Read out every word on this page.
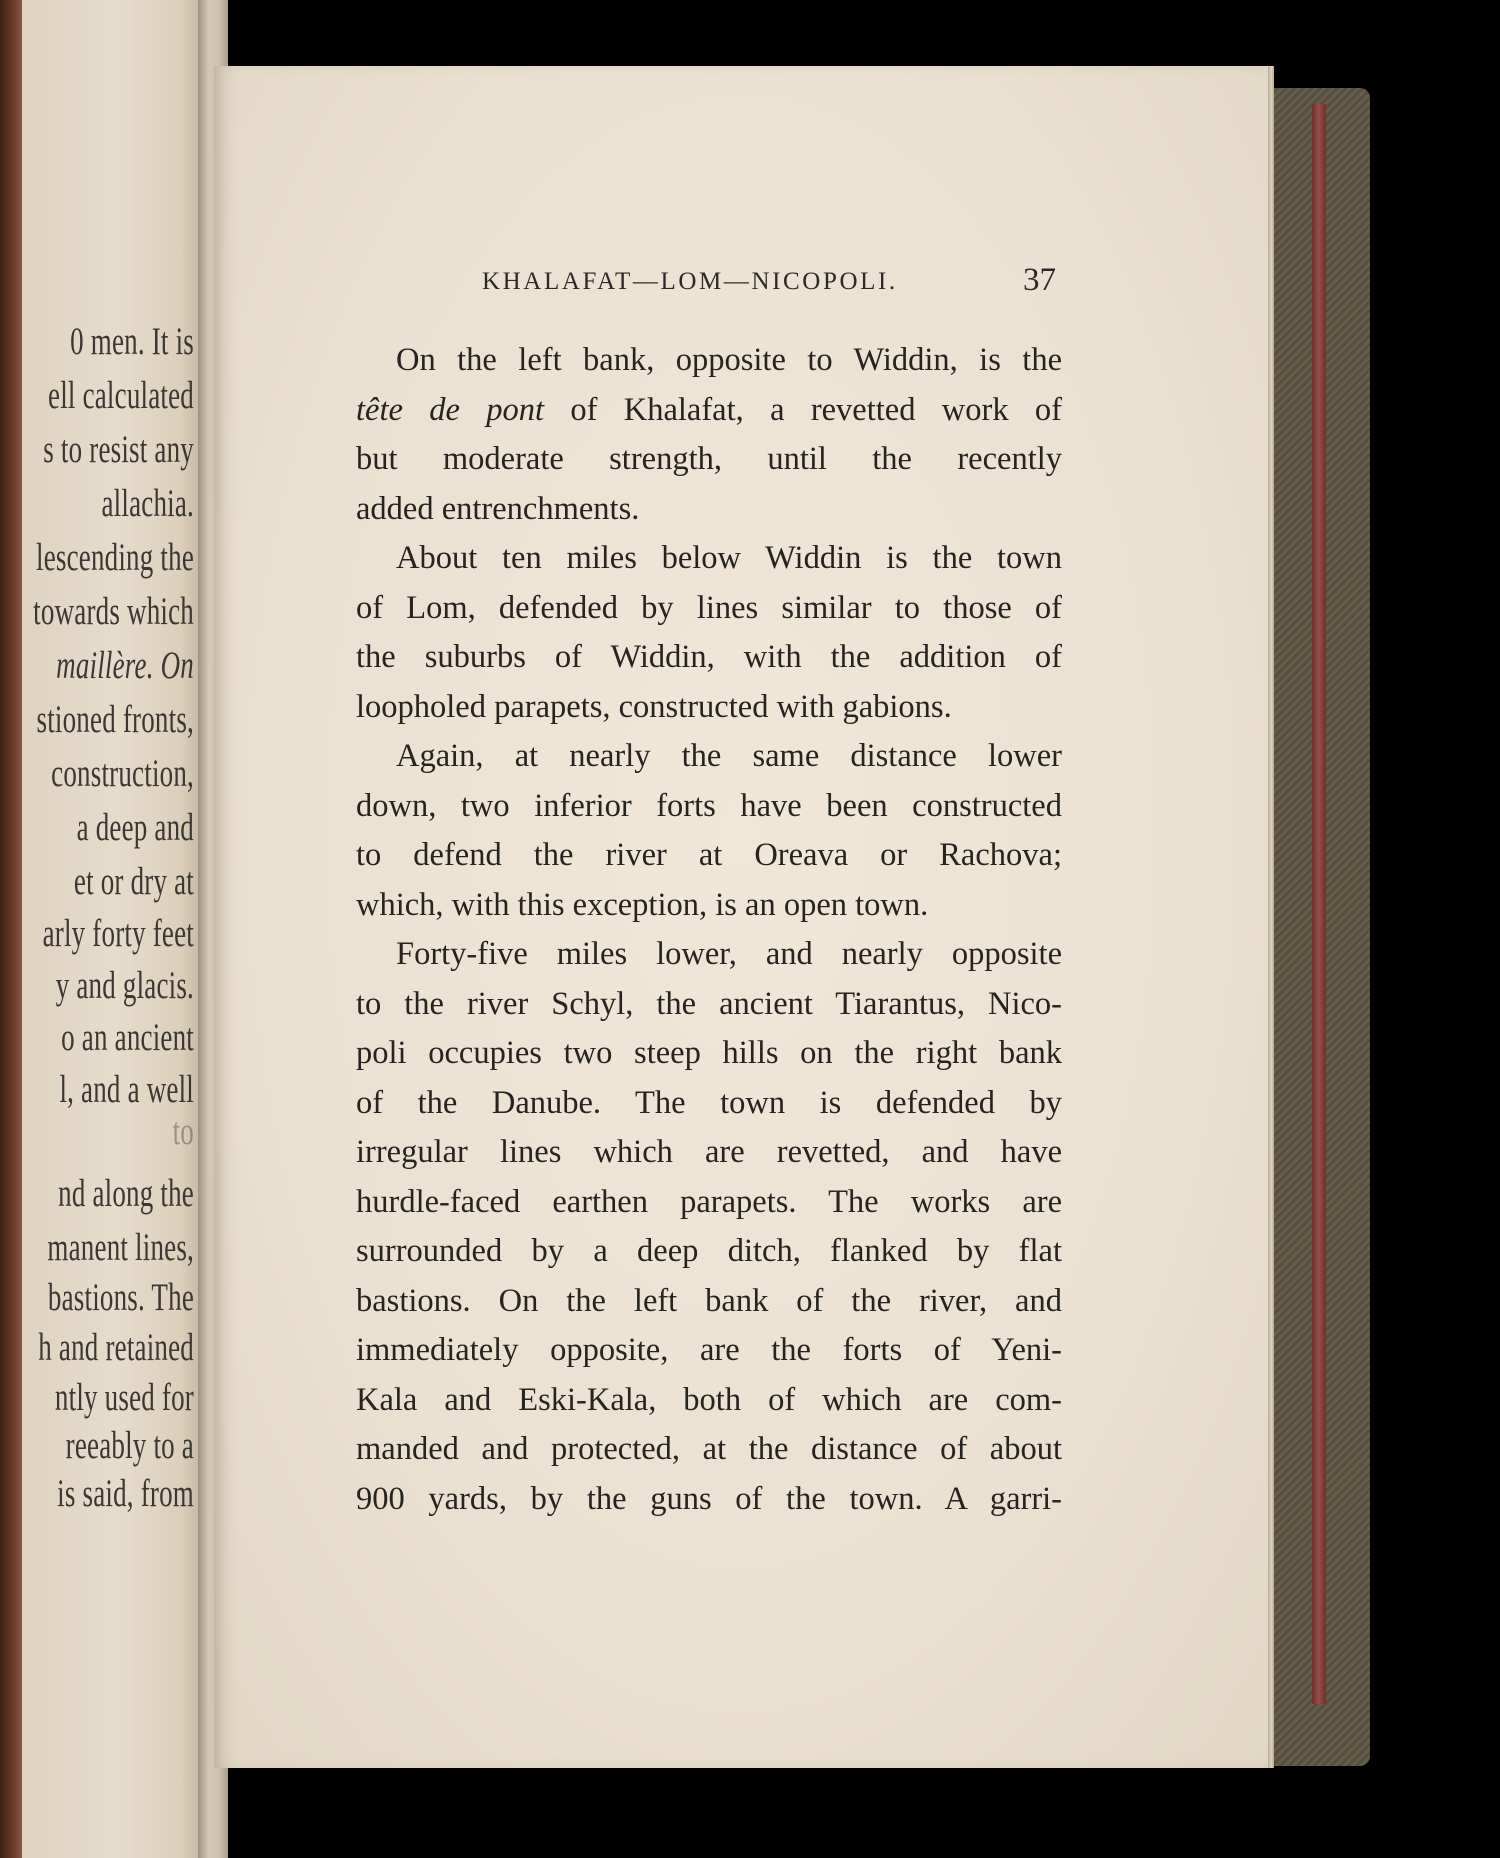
0 men. It is
ell calculated
s to resist any
allachia.
lescending the
towards which
maillère. On
stioned fronts,
construction,
a deep and
et or dry at
arly forty feet
y and glacis.
o an ancient
l, and a well
to
nd along the
manent lines,
bastions. The
h and retained
ntly used for
reeably to a
is said, from
KHALAFAT—LOM—NICOPOLI.	37
On the left bank, opposite to Widdin, is the
tête de pont of Khalafat, a revetted work of
but moderate strength, until the recently
added entrenchments.
About ten miles below Widdin is the town
of Lom, defended by lines similar to those of
the suburbs of Widdin, with the addition of
loopholed parapets, constructed with gabions.
Again, at nearly the same distance lower
down, two inferior forts have been constructed
to defend the river at Oreava or Rachova;
which, with this exception, is an open town.
Forty-five miles lower, and nearly opposite
to the river Schyl, the ancient Tiarantus, Nico-
poli occupies two steep hills on the right bank
of the Danube. The town is defended by
irregular lines which are revetted, and have
hurdle-faced earthen parapets. The works are
surrounded by a deep ditch, flanked by flat
bastions. On the left bank of the river, and
immediately opposite, are the forts of Yeni-
Kala and Eski-Kala, both of which are com-
manded and protected, at the distance of about
900 yards, by the guns of the town. A garri-
